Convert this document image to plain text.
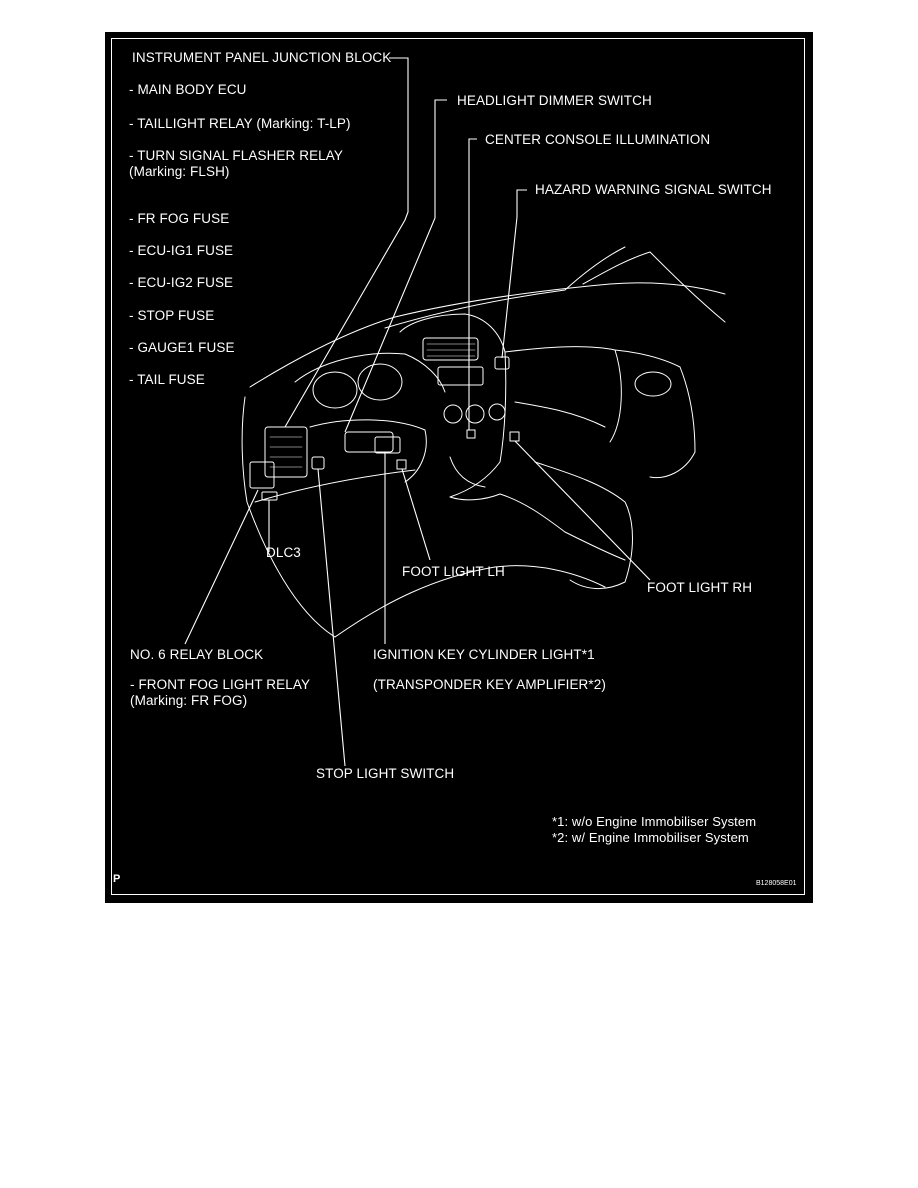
INSTRUMENT PANEL JUNCTION BLOCK
- MAIN BODY ECU
- TAILLIGHT RELAY (Marking: T-LP)
- TURN SIGNAL FLASHER RELAY
(Marking: FLSH)
- FR FOG FUSE
- ECU-IG1 FUSE
- ECU-IG2 FUSE
- STOP FUSE
- GAUGE1 FUSE
- TAIL FUSE
HEADLIGHT DIMMER SWITCH
CENTER CONSOLE ILLUMINATION
HAZARD WARNING SIGNAL SWITCH
DLC3
FOOT LIGHT LH
FOOT LIGHT RH
NO. 6 RELAY BLOCK
- FRONT FOG LIGHT RELAY
(Marking: FR FOG)
IGNITION KEY CYLINDER LIGHT*1
(TRANSPONDER KEY AMPLIFIER*2)
STOP LIGHT SWITCH
*1: w/o Engine Immobiliser System
*2: w/ Engine Immobiliser System
P	B128058E01
